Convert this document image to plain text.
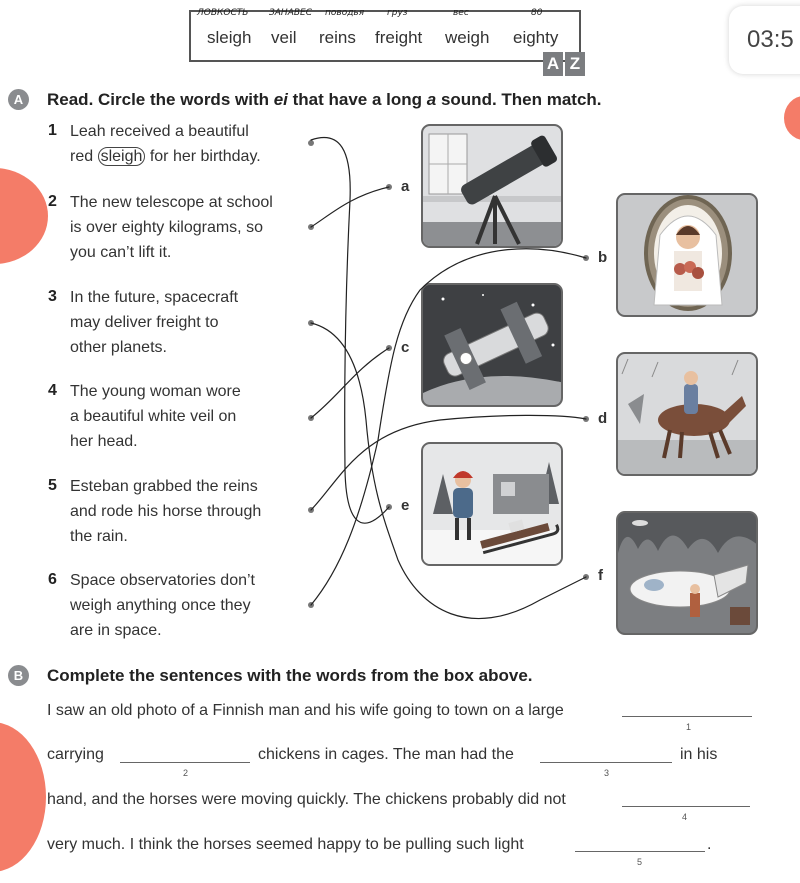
ЛОВКОСТЬ ЗАНАВЕС поводья	груз	вес	80
sleigh veil reins freight weigh eighty
A Z
03:5
A	Read. Circle the words with ei that have a long a sound. Then match.
1 Leah received a beautiful
red sleigh for her birthday.
2 The new telescope at school
is over eighty kilograms, so
you can’t lift it.
3 In the future, spacecraft
may deliver freight to
other planets.
4 The young woman wore
a beautiful white veil on
her head.
5 Esteban grabbed the reins
and rode his horse through
the rain.
6 Space observatories don’t
weigh anything once they
are in space.
a
b
c
d
e
f
B	Complete the sentences with the words from the box above.
I saw an old photo of a Finnish man and his wife going to town on a large
1
carrying
2
chickens in cages. The man had the
3
in his
hand, and the horses were moving quickly. The chickens probably did not
4
very much. I think the horses seemed happy to be pulling such light
5
.
